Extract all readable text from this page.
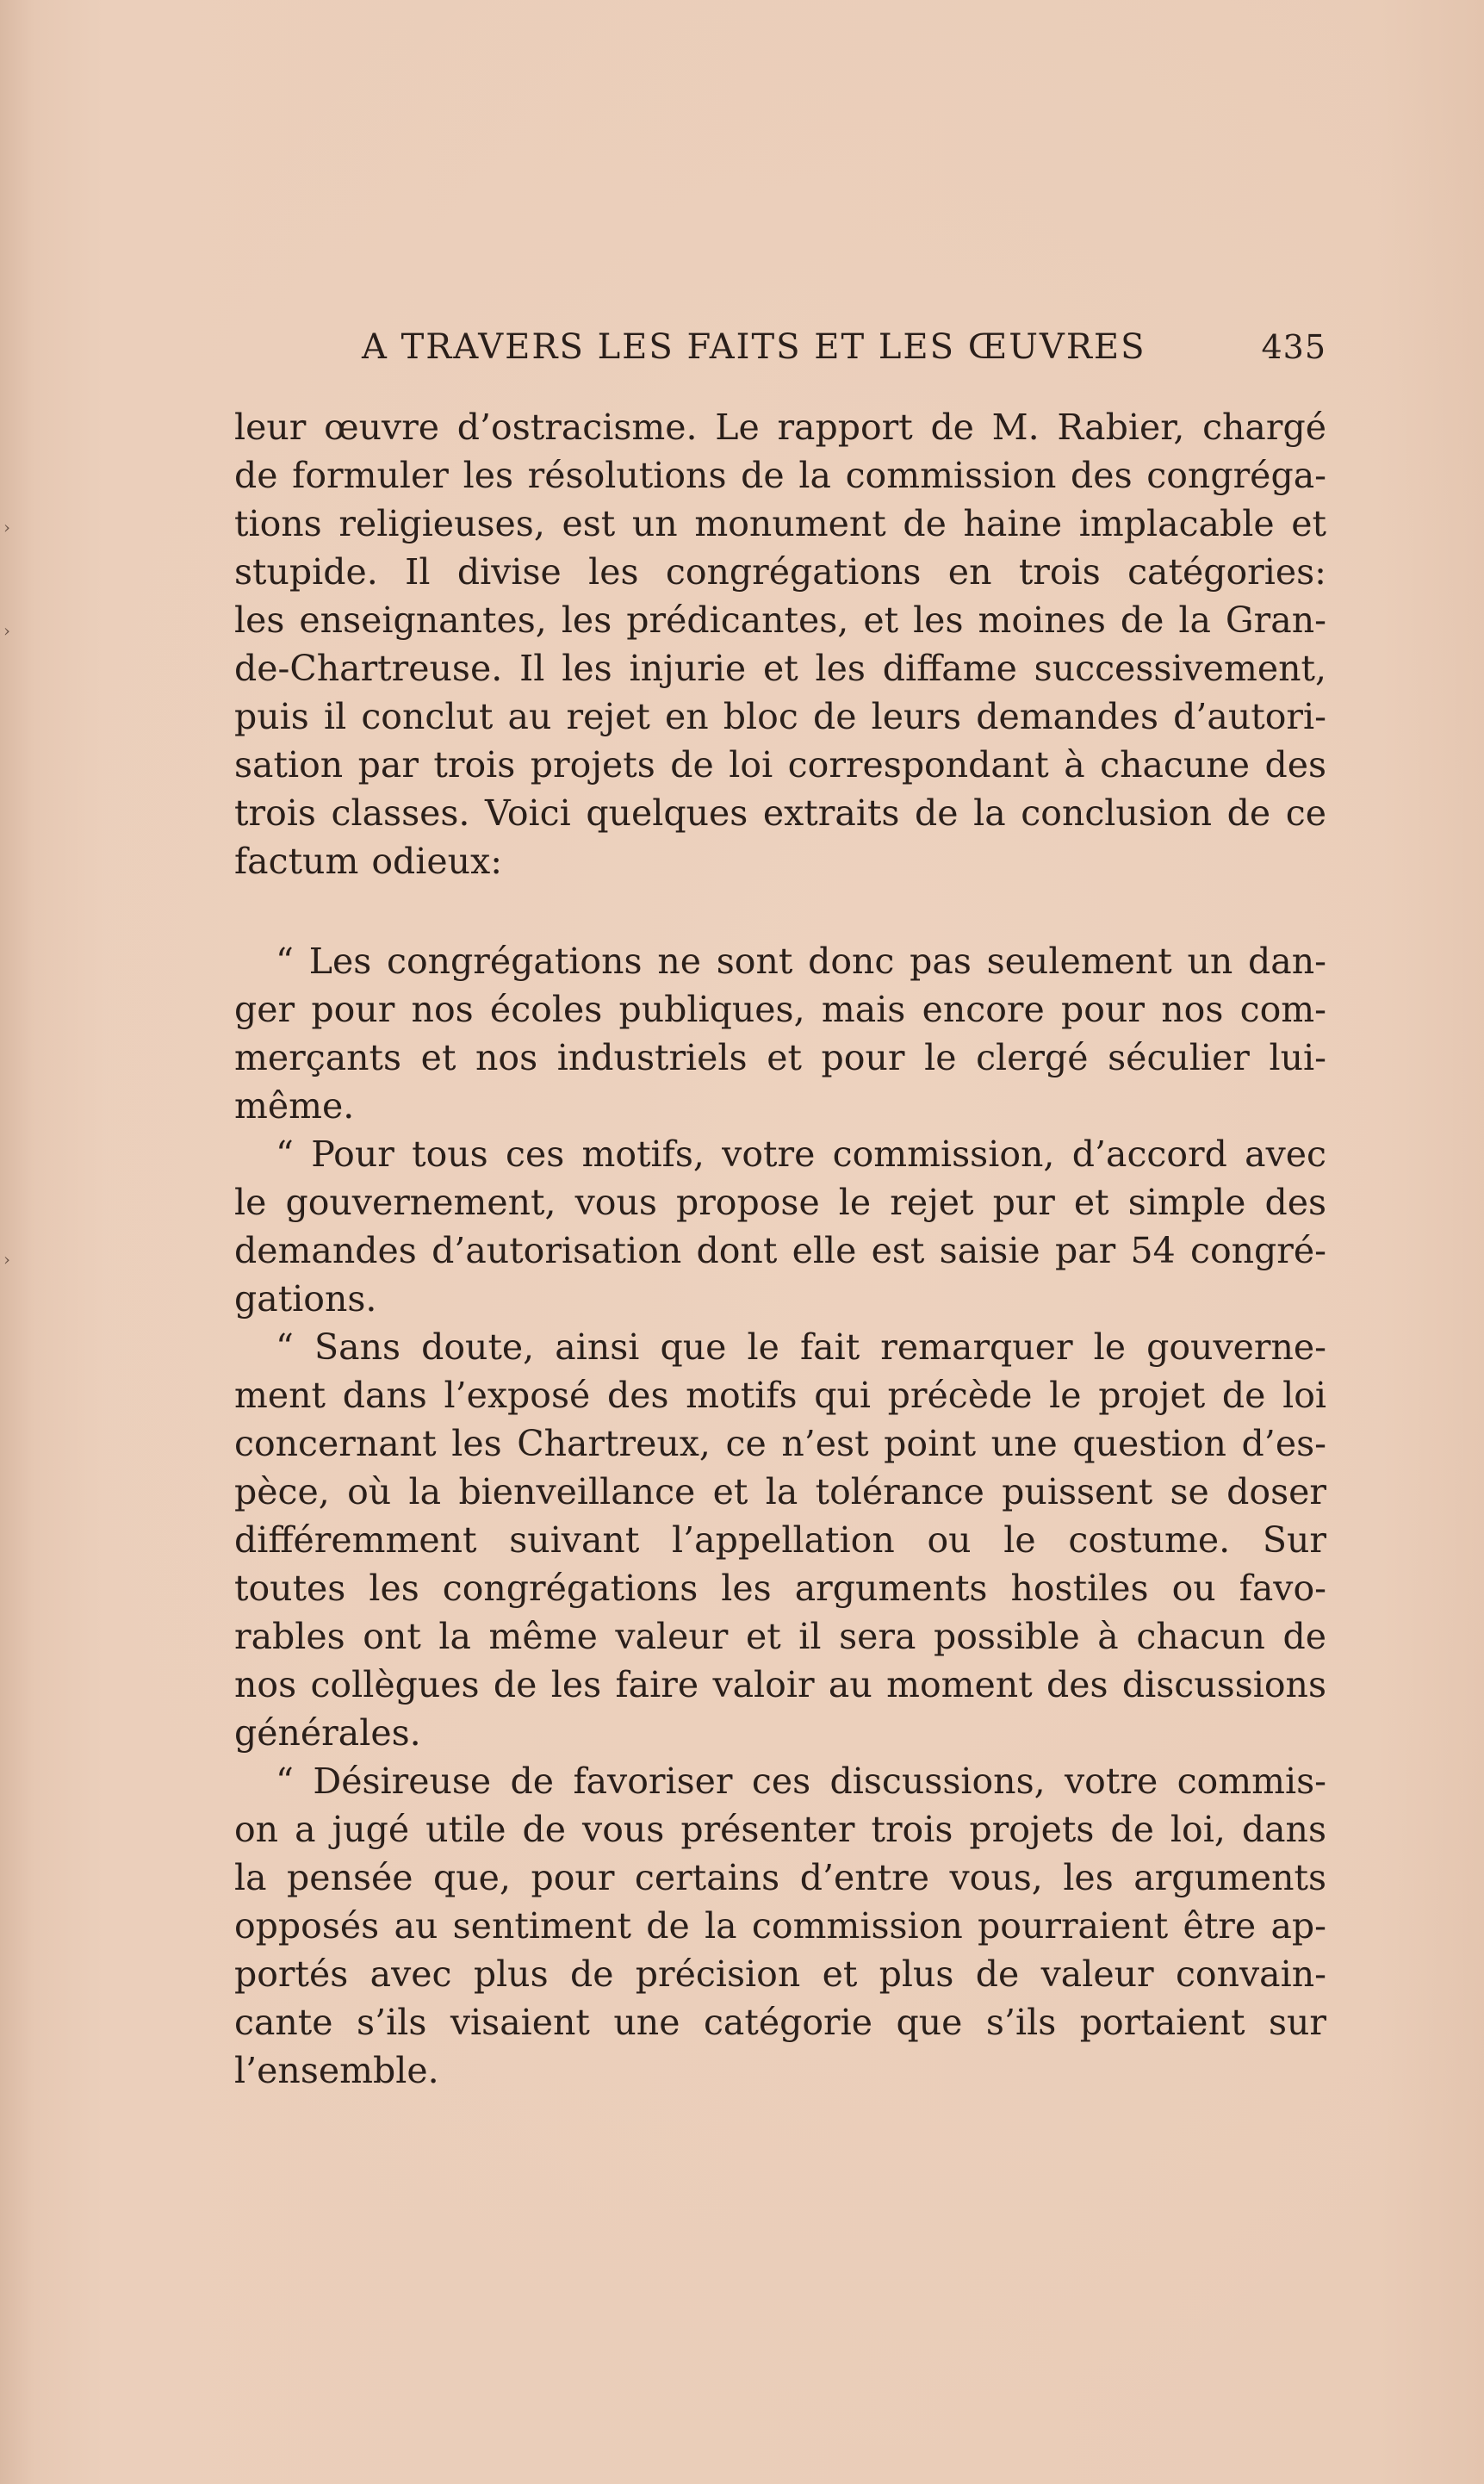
›
›
›
A TRAVERS LES FAITS ET LES ŒUVRES	435
leur œuvre d’ostracisme. Le rapport de M. Rabier, chargé
de formuler les résolutions de la commission des congréga-
tions religieuses, est un monument de haine implacable et
stupide. Il divise les congrégations en trois catégories:
les enseignantes, les prédicantes, et les moines de la Gran-
de-Chartreuse. Il les injurie et les diffame successivement,
puis il conclut au rejet en bloc de leurs demandes d’autori-
sation par trois projets de loi correspondant à chacune des
trois classes. Voici quelques extraits de la conclusion de ce
factum odieux:
“ Les congrégations ne sont donc pas seulement un dan-
ger pour nos écoles publiques, mais encore pour nos com-
merçants et nos industriels et pour le clergé séculier lui-
même.
“ Pour tous ces motifs, votre commission, d’accord avec
le gouvernement, vous propose le rejet pur et simple des
demandes d’autorisation dont elle est saisie par 54 congré-
gations.
“ Sans doute, ainsi que le fait remarquer le gouverne-
ment dans l’exposé des motifs qui précède le projet de loi
concernant les Chartreux, ce n’est point une question d’es-
pèce, où la bienveillance et la tolérance puissent se doser
différemment suivant l’appellation ou le costume. Sur
toutes les congrégations les arguments hostiles ou favo-
rables ont la même valeur et il sera possible à chacun de
nos collègues de les faire valoir au moment des discussions
générales.
“ Désireuse de favoriser ces discussions, votre commis-
on a jugé utile de vous présenter trois projets de loi, dans
la pensée que, pour certains d’entre vous, les arguments
opposés au sentiment de la commission pourraient être ap-
portés avec plus de précision et plus de valeur convain-
cante s’ils visaient une catégorie que s’ils portaient sur
l’ensemble.
